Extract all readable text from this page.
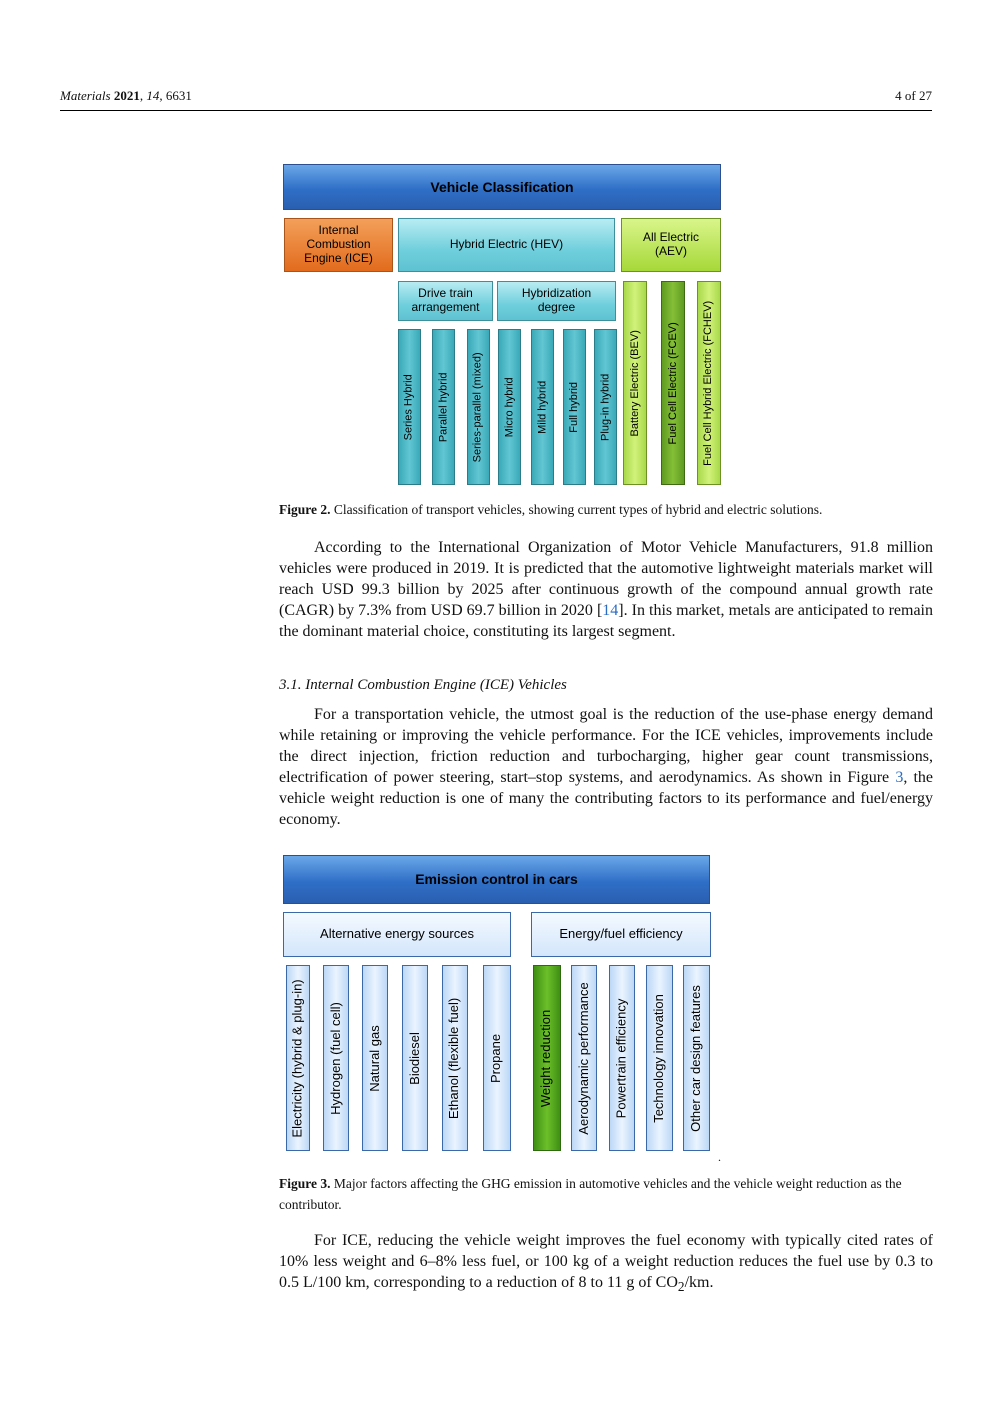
Materials 2021, 14, 6631	4 of 27
Vehicle Classification
Internal Combustion Engine (ICE)
Hybrid Electric (HEV)	All Electric (AEV)
Drive train arrangement
Hybridization degree
Series Hybrid Parallel hybrid Series-parallel (mixed) Micro hybrid Mild hybrid Full hybrid Plug-in hybrid Battery Electric (BEV) Fuel Cell Electric (FCEV) Fuel Cell Hybrid Electric (FCHEV)
Figure 2. Classification of transport vehicles, showing current types of hybrid and electric solutions.

According to the International Organization of Motor Vehicle Manufacturers, 91.8 million vehicles were produced in 2019. It is predicted that the automotive lightweight materials market will reach USD 99.3 billion by 2025 after continuous growth of the compound annual growth rate (CAGR) by 7.3% from USD 69.7 billion in 2020 [14]. In this market, metals are anticipated to remain the dominant material choice, constituting its largest segment.

3.1. Internal Combustion Engine (ICE) Vehicles

For a transportation vehicle, the utmost goal is the reduction of the use-phase energy demand while retaining or improving the vehicle performance. For the ICE vehicles, improvements include the direct injection, friction reduction and turbocharging, higher gear count transmissions, electrification of power steering, start–stop systems, and aerodynamics. As shown in Figure 3, the vehicle weight reduction is one of many the contributing factors to its performance and fuel/energy economy.

Emission control in cars
Alternative energy sources	Energy/fuel efficiency
Electricity (hybrid & plug-in) Hydrogen (fuel cell) Natural gas Biodiesel Ethanol (flexible fuel) Propane	Weight reduction Aerodynamic performance Powertrain efficiency Technology innovation Other car design features
.
Figure 3. Major factors affecting the GHG emission in automotive vehicles and the vehicle weight reduction as the contributor.

For ICE, reducing the vehicle weight improves the fuel economy with typically cited rates of 10% less weight and 6–8% less fuel, or 100 kg of a weight reduction reduces the fuel use by 0.3 to 0.5 L/100 km, corresponding to a reduction of 8 to 11 g of $CO_2/km$.
